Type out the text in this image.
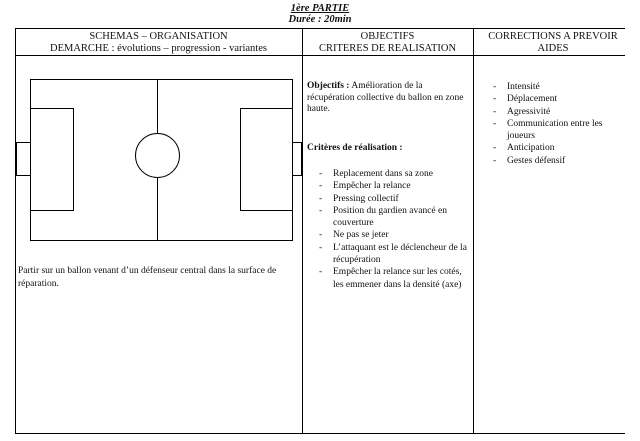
1ère PARTIE
Durée : 20min
SCHEMAS – ORGANISATION
DEMARCHE : évolutions – progression - variantes
OBJECTIFS
CRITERES DE REALISATION
CORRECTIONS A PREVOIR
AIDES
Partir sur un ballon venant d’un défenseur central dans la surface de réparation.
Objectifs : Amélioration de la récupération collective du ballon en zone haute.
Critères de réalisation :
- Replacement dans sa zone
- Empêcher la relance
- Pressing collectif
- Position du gardien avancé en couverture
- Ne pas se jeter
- L’attaquant est le déclencheur de la récupération
- Empêcher la relance sur les cotés, les emmener dans la densité (axe)
- Intensité
- Déplacement
- Agressivité
- Communication entre les joueurs
- Anticipation
- Gestes défensif
